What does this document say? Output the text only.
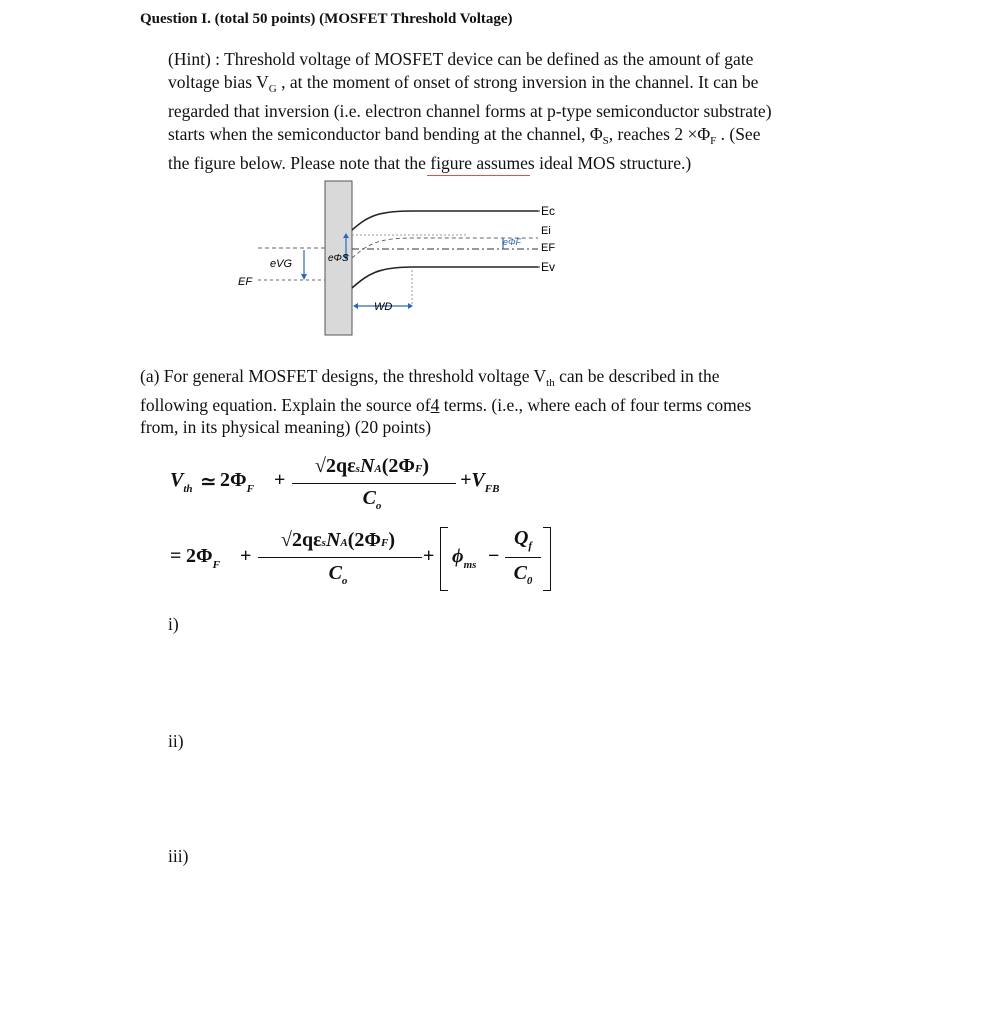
Question I. (total 50 points) (MOSFET Threshold Voltage)
(Hint) : Threshold voltage of MOSFET device can be defined as the amount of gate
voltage bias $V_G$ , at the moment of onset of strong inversion in the channel. It can be
regarded that inversion (i.e. electron channel forms at p-type semiconductor substrate)
starts when the semiconductor band bending at the channel, $\Phi_S$, reaches $2 \times\Phi_F$ . (See
the figure below. Please note that the figure assumes ideal MOS structure.)
Ec
Ei
EF
Ev
eVG	eΦS
eΦF
EF
WD
(a) For general MOSFET designs, the threshold voltage $V_{th}$ can be described in the
following equation. Explain the source of4 terms. (i.e., where each of four terms comes
from, in its physical meaning) (20 points)
$V_{th}$ ≃ $2\Phi_F$ +
√2qεsNA(2ΦF)
$C_o$
$+V_{FB}$
= $2\Phi_F$ +
√2qεsNA(2ΦF)
$C_o$
+ $\phi_{ms}$ −
$Q_f$
$C_0$
i)
ii)
iii)
